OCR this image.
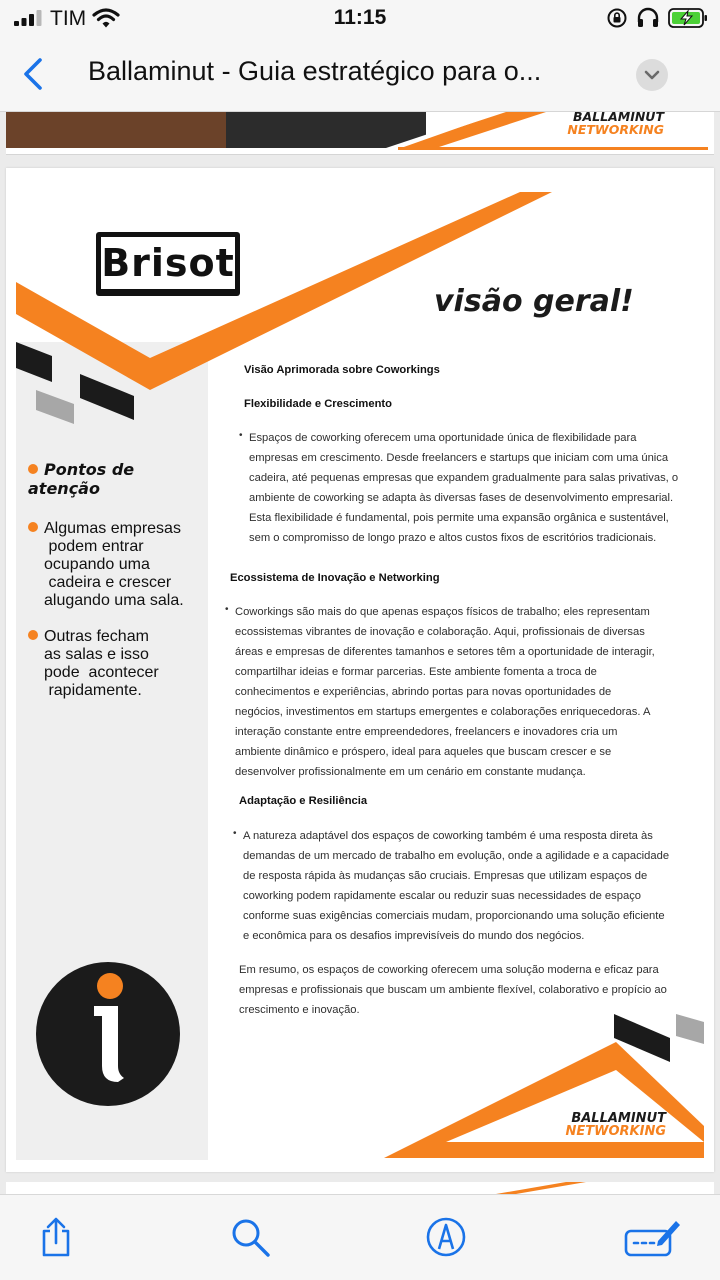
TIM	11:15
Ballaminut - Guia estratégico para o...
BALLAMINUT
NETWORKING
Brisot
visão geral!
Pontos de atenção
Algumas empresas
podem entrar
ocupando uma
cadeira e crescer
alugando uma sala.
Outras fecham
as salas e isso
pode  acontecer
rapidamente.
Visão Aprimorada sobre Coworkings
Flexibilidade e Crescimento
• Espaços de coworking oferecem uma oportunidade única de flexibilidade para
empresas em crescimento. Desde freelancers e startups que iniciam com uma única
cadeira, até pequenas empresas que expandem gradualmente para salas privativas, o
ambiente de coworking se adapta às diversas fases de desenvolvimento empresarial.
Esta flexibilidade é fundamental, pois permite uma expansão orgânica e sustentável,
sem o compromisso de longo prazo e altos custos fixos de escritórios tradicionais.
Ecossistema de Inovação e Networking
• Coworkings são mais do que apenas espaços físicos de trabalho; eles representam
ecossistemas vibrantes de inovação e colaboração. Aqui, profissionais de diversas
áreas e empresas de diferentes tamanhos e setores têm a oportunidade de interagir,
compartilhar ideias e formar parcerias. Este ambiente fomenta a troca de
conhecimentos e experiências, abrindo portas para novas oportunidades de
negócios, investimentos em startups emergentes e colaborações enriquecedoras. A
interação constante entre empreendedores, freelancers e inovadores cria um
ambiente dinâmico e próspero, ideal para aqueles que buscam crescer e se
desenvolver profissionalmente em um cenário em constante mudança.
Adaptação e Resiliência
• A natureza adaptável dos espaços de coworking também é uma resposta direta às
demandas de um mercado de trabalho em evolução, onde a agilidade e a capacidade
de resposta rápida às mudanças são cruciais. Empresas que utilizam espaços de
coworking podem rapidamente escalar ou reduzir suas necessidades de espaço
conforme suas exigências comerciais mudam, proporcionando uma solução eficiente
e econômica para os desafios imprevisíveis do mundo dos negócios.
Em resumo, os espaços de coworking oferecem uma solução moderna e eficaz para
empresas e profissionais que buscam um ambiente flexível, colaborativo e propício ao
crescimento e inovação.
BALLAMINUT
NETWORKING
